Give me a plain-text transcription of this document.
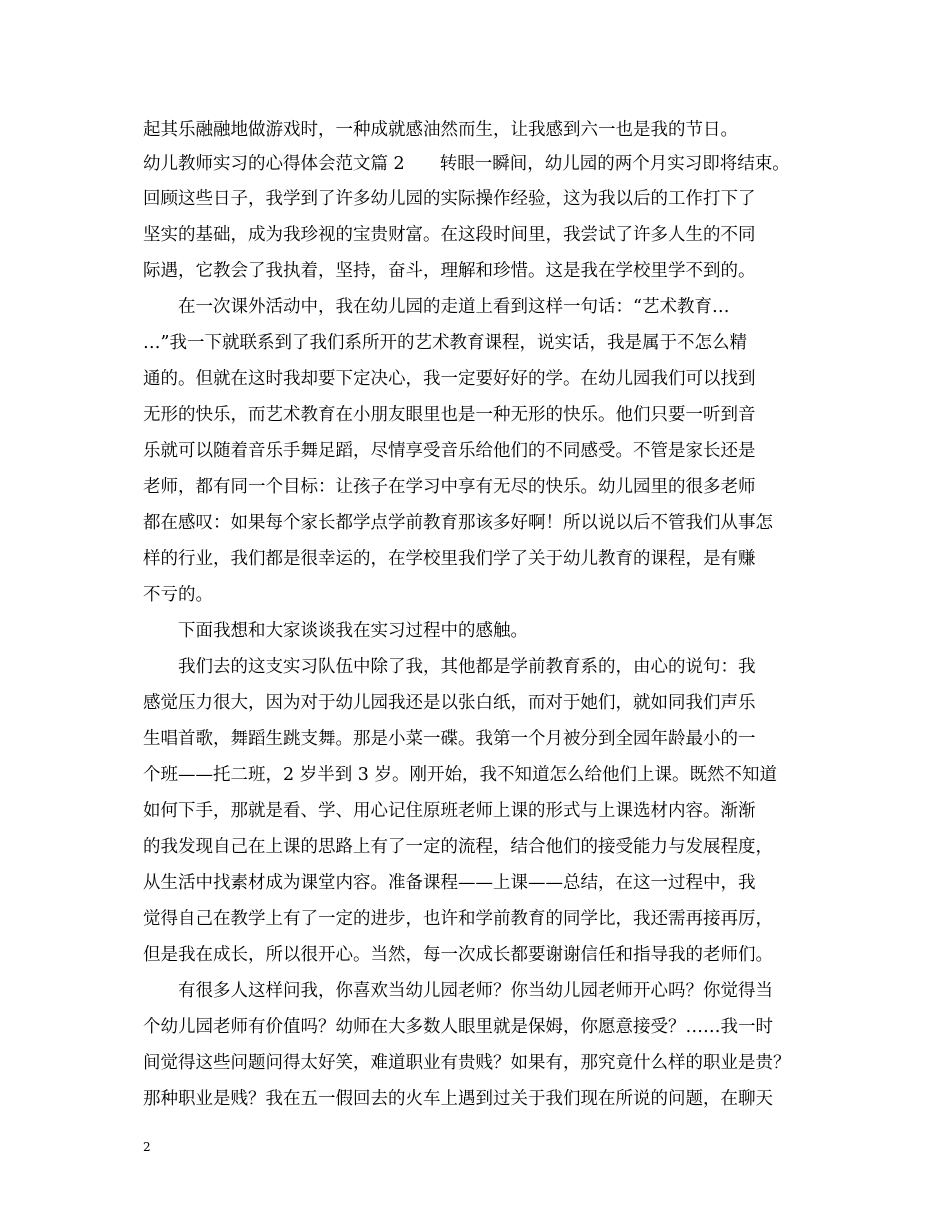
起其乐融融地做游戏时，一种成就感油然而生，让我感到六一也是我的节日。
幼儿教师实习的心得体会范文篇 2　　转眼一瞬间，幼儿园的两个月实习即将结束。
回顾这些日子，我学到了许多幼儿园的实际操作经验，这为我以后的工作打下了
坚实的基础，成为我珍视的宝贵财富。在这段时间里，我尝试了许多人生的不同
际遇，它教会了我执着，坚持，奋斗，理解和珍惜。这是我在学校里学不到的。
　　在一次课外活动中，我在幼儿园的走道上看到这样一句话：“艺术教育…
…”我一下就联系到了我们系所开的艺术教育课程，说实话，我是属于不怎么精
通的。但就在这时我却要下定决心，我一定要好好的学。在幼儿园我们可以找到
无形的快乐，而艺术教育在小朋友眼里也是一种无形的快乐。他们只要一听到音
乐就可以随着音乐手舞足蹈，尽情享受音乐给他们的不同感受。不管是家长还是
老师，都有同一个目标：让孩子在学习中享有无尽的快乐。幼儿园里的很多老师
都在感叹：如果每个家长都学点学前教育那该多好啊！所以说以后不管我们从事怎
样的行业，我们都是很幸运的，在学校里我们学了关于幼儿教育的课程，是有赚
不亏的。
　　下面我想和大家谈谈我在实习过程中的感触。
　　我们去的这支实习队伍中除了我，其他都是学前教育系的，由心的说句：我
感觉压力很大，因为对于幼儿园我还是以张白纸，而对于她们，就如同我们声乐
生唱首歌，舞蹈生跳支舞。那是小菜一碟。我第一个月被分到全园年龄最小的一
个班——托二班，2 岁半到 3 岁。刚开始，我不知道怎么给他们上课。既然不知道
如何下手，那就是看、学、用心记住原班老师上课的形式与上课选材内容。渐渐
的我发现自己在上课的思路上有了一定的流程，结合他们的接受能力与发展程度，
从生活中找素材成为课堂内容。准备课程——上课——总结，在这一过程中，我
觉得自己在教学上有了一定的进步，也许和学前教育的同学比，我还需再接再厉，
但是我在成长，所以很开心。当然，每一次成长都要谢谢信任和指导我的老师们。
　　有很多人这样问我，你喜欢当幼儿园老师？你当幼儿园老师开心吗？你觉得当
个幼儿园老师有价值吗？幼师在大多数人眼里就是保姆，你愿意接受？……我一时
间觉得这些问题问得太好笑，难道职业有贵贱？如果有，那究竟什么样的职业是贵？
那种职业是贱？我在五一假回去的火车上遇到过关于我们现在所说的问题，在聊天
2
